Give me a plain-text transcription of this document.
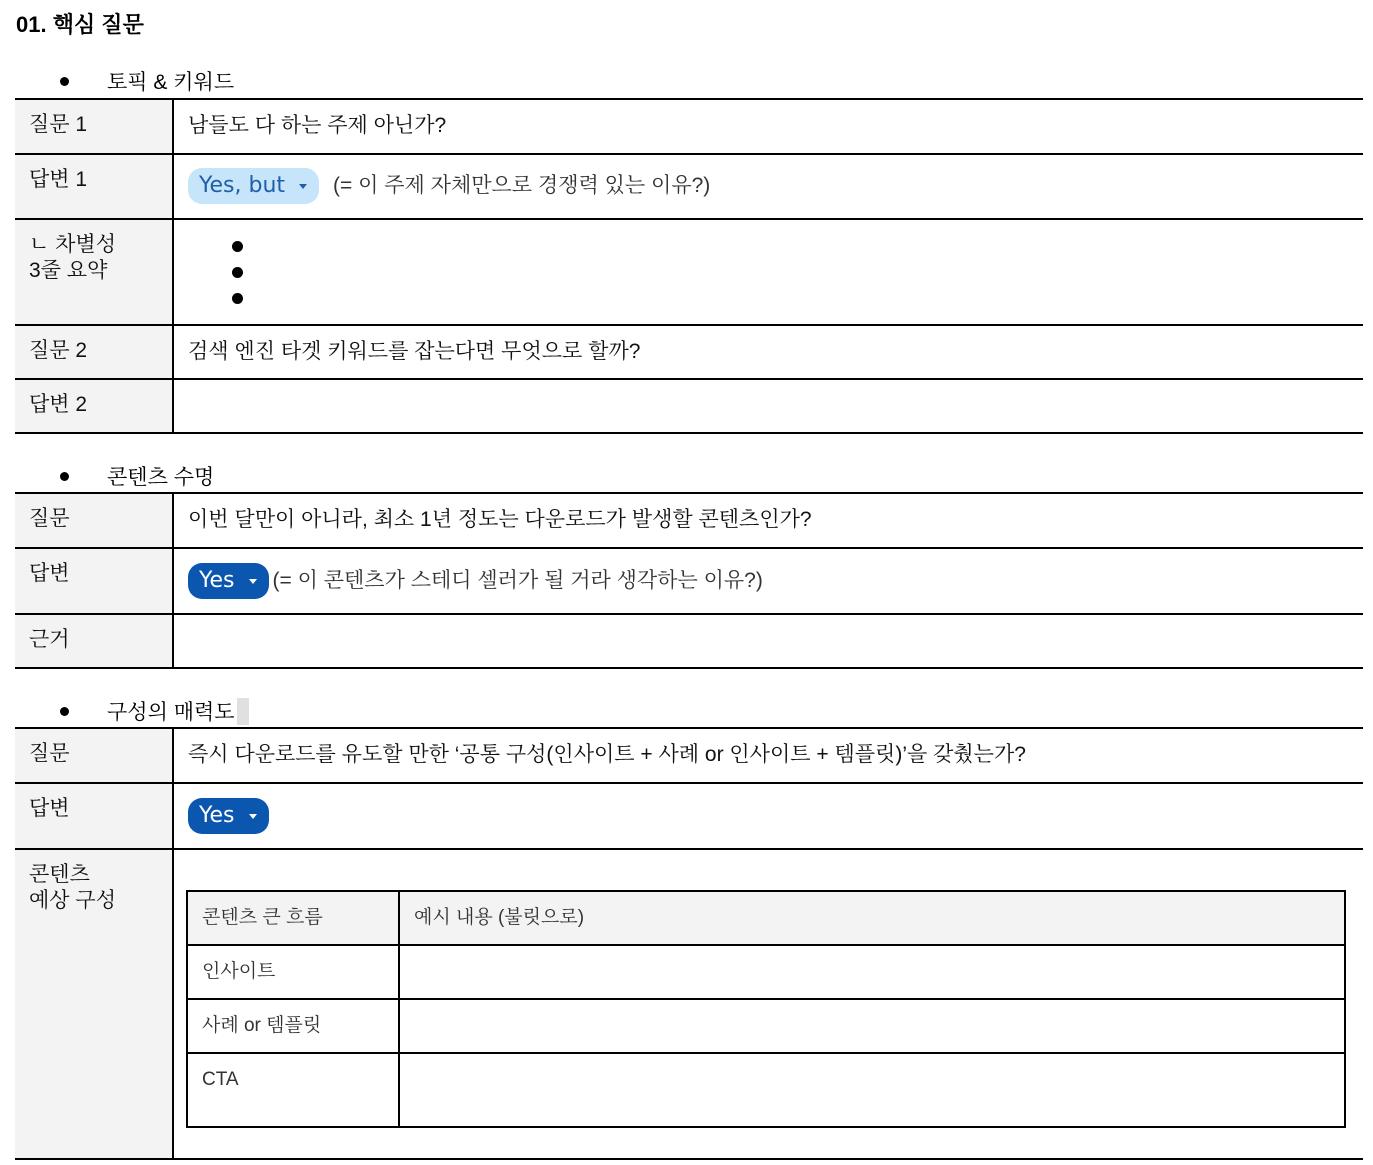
01. 핵심 질문
토픽 & 키워드
질문 1	남들도 다 하는 주제 아닌가?
답변 1	Yes, but (= 이 주제 자체만으로 경쟁력 있는 이유?)

ㄴ 차별성
3줄 요약

질문 2	검색 엔진 타겟 키워드를 잡는다면 무엇으로 할까?
답변 2	
콘텐츠 수명
질문	이번 달만이 아니라, 최소 1년 정도는 다운로드가 발생할 콘텐츠인가?
답변	Yes (= 이 콘텐츠가 스테디 셀러가 될 거라 생각하는 이유?)
근거	
구성의 매력도
질문	즉시 다운로드를 유도할 만한 ‘공통 구성(인사이트 + 사례 or 인사이트 + 템플릿)’을 갖췄는가?
답변	Yes

콘텐츠
예상 구성

콘텐츠 큰 흐름	예시 내용 (불릿으로)
인사이트	
사례 or 템플릿	
CTA	
